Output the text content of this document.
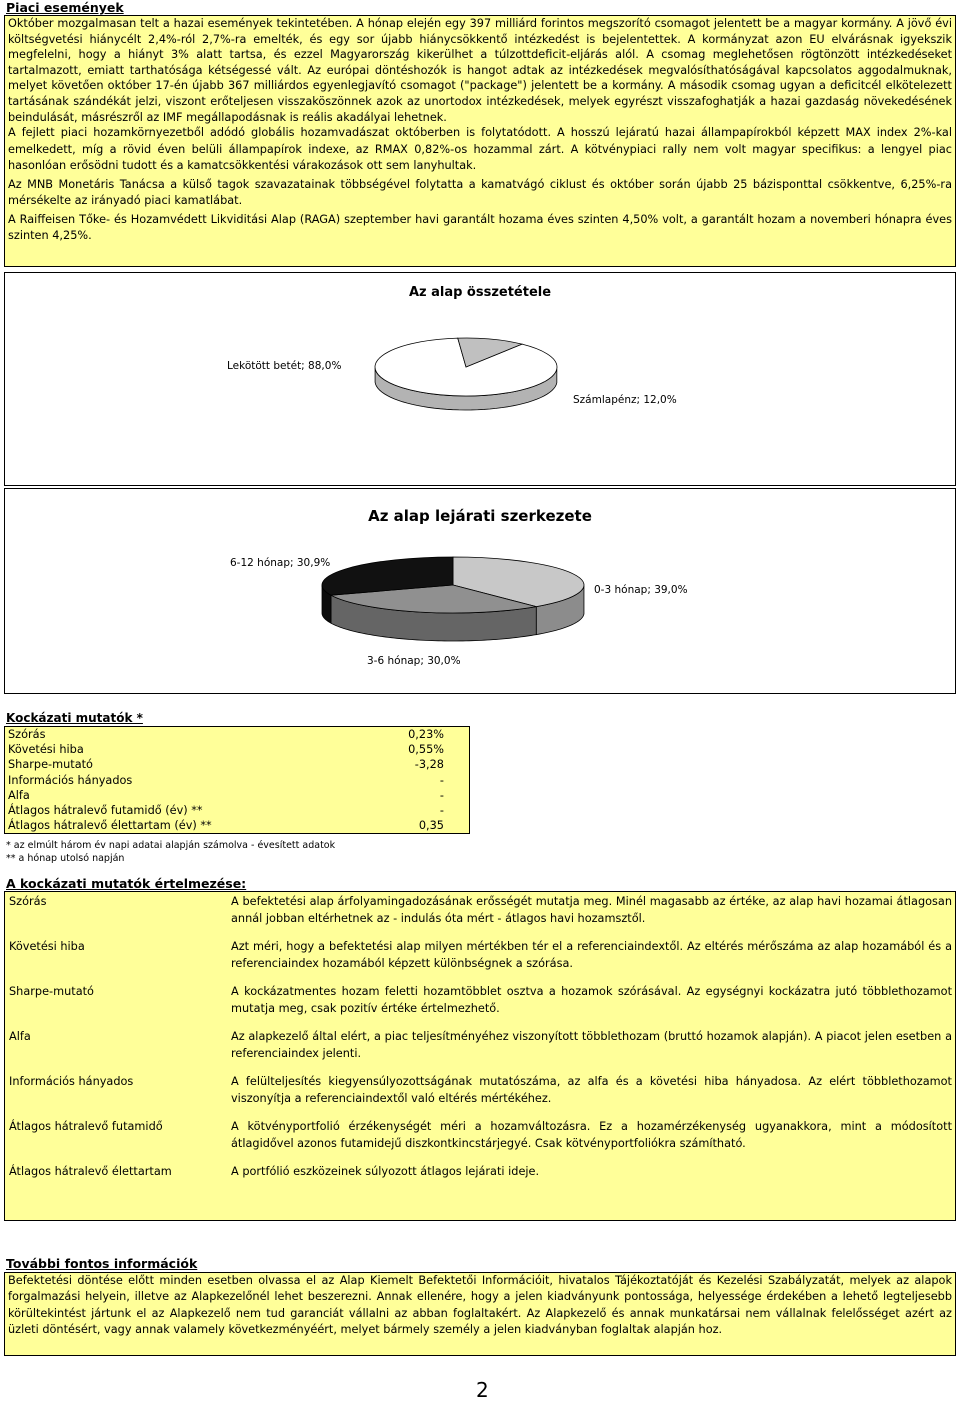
Piaci események

Október mozgalmasan telt a hazai események tekintetében. A hónap elején egy 397 milliárd forintos megszorító csomagot jelentett be a magyar kormány. A jövő évi költségvetési hiánycélt 2,4%-ról 2,7%-ra emelték, és egy sor újabb hiánycsökkentő intézkedést is bejelentettek. A kormányzat azon EU elvárásnak igyekszik megfelelni, hogy a hiányt 3% alatt tartsa, és ezzel Magyarország kikerülhet a túlzottdeficit-eljárás alól. A csomag meglehetősen rögtönzött intézkedéseket tartalmazott, emiatt tarthatósága kétségessé vált. Az európai döntéshozók is hangot adtak az intézkedések megvalósíthatóságával kapcsolatos aggodalmuknak, melyet követően október 17-én újabb 367 milliárdos egyenlegjavító csomagot ("package") jelentett be a kormány. A második csomag ugyan a deficitcél elkötelezett tartásának szándékát jelzi, viszont erőteljesen visszaköszönnek azok az unortodox intézkedések, melyek egyrészt visszafoghatják a hazai gazdaság növekedésének beindulását, másrészről az IMF megállapodásnak is reális akadályai lehetnek.

A fejlett piaci hozamkörnyezetből adódó globális hozamvadászat októberben is folytatódott. A hosszú lejáratú hazai állampapírokból képzett MAX index 2%-kal emelkedett, míg a rövid éven belüli állampapírok indexe, az RMAX 0,82%-os hozammal zárt. A kötvénypiaci rally nem volt magyar specifikus: a lengyel piac hasonlóan erősödni tudott és a kamatcsökkentési várakozások ott sem lanyhultak.

Az MNB Monetáris Tanácsa a külső tagok szavazatainak többségével folytatta a kamatvágó ciklust és október során újabb 25 bázisponttal csökkentve, 6,25%-ra mérsékelte az irányadó piaci kamatlábat.

A Raiffeisen Tőke- és Hozamvédett Likviditási Alap (RAGA) szeptember havi garantált hozama éves szinten 4,50% volt, a garantált hozam a novemberi hónapra éves szinten 4,25%.

Az alap összetétele
Lekötött betét; 88,0%
Számlapénz; 12,0%
Az alap lejárati szerkezete
6-12 hónap; 30,9%
0-3 hónap; 39,0%
3-6 hónap; 30,0%
Kockázati mutatók *
Szórás	0,23%
Követési hiba	0,55%
Sharpe-mutató	-3,28
Információs hányados	-
Alfa	-
Átlagos hátralevő futamidő (év) **	-
Átlagos hátralevő élettartam (év) **	0,35
* az elmúlt három év napi adatai alapján számolva - évesített adatok
** a hónap utolsó napján
A kockázati mutatók értelmezése:
Szórás	A befektetési alap árfolyamingadozásának erősségét mutatja meg. Minél magasabb az értéke, az alap havi hozamai átlagosan annál jobban eltérhetnek az - indulás óta mért - átlagos havi hozamsztől.
Követési hiba	Azt méri, hogy a befektetési alap milyen mértékben tér el a referenciaindextől. Az eltérés mérőszáma az alap hozamából és a referenciaindex hozamából képzett különbségnek a szórása.
Sharpe-mutató	A kockázatmentes hozam feletti hozamtöbblet osztva a hozamok szórásával. Az egységnyi kockázatra jutó többlethozamot mutatja meg, csak pozitív értéke értelmezhető.
Alfa	Az alapkezelő által elért, a piac teljesítményéhez viszonyított többlethozam (bruttó hozamok alapján). A piacot jelen esetben a referenciaindex jelenti.
Információs hányados	A felülteljesítés kiegyensúlyozottságának mutatószáma, az alfa és a követési hiba hányadosa. Az elért többlethozamot viszonyítja a referenciaindextől való eltérés mértékéhez.
Átlagos hátralevő futamidő	A kötvényportfolió érzékenységét méri a hozamváltozásra. Ez a hozamérzékenység ugyanakkora, mint a módosított átlagidővel azonos futamidejű diszkontkincstárjegyé. Csak kötvényportfoliókra számítható.
Átlagos hátralevő élettartam	A portfólió eszközeinek súlyozott átlagos lejárati ideje.
További fontos információk

Befektetési döntése előtt minden esetben olvassa el az Alap Kiemelt Befektetői Információit, hivatalos Tájékoztatóját és Kezelési Szabályzatát, melyek az alapok forgalmazási helyein, illetve az Alapkezelőnél lehet beszerezni. Annak ellenére, hogy a jelen kiadványunk pontossága, helyessége érdekében a lehető legteljesebb körültekintést jártunk el az Alapkezelő nem tud garanciát vállalni az abban foglaltakért. Az Alapkezelő és annak munkatársai nem vállalnak felelősséget azért az üzleti döntésért, vagy annak valamely következményéért, melyet bármely személy a jelen kiadványban foglaltak alapján hoz.

2
